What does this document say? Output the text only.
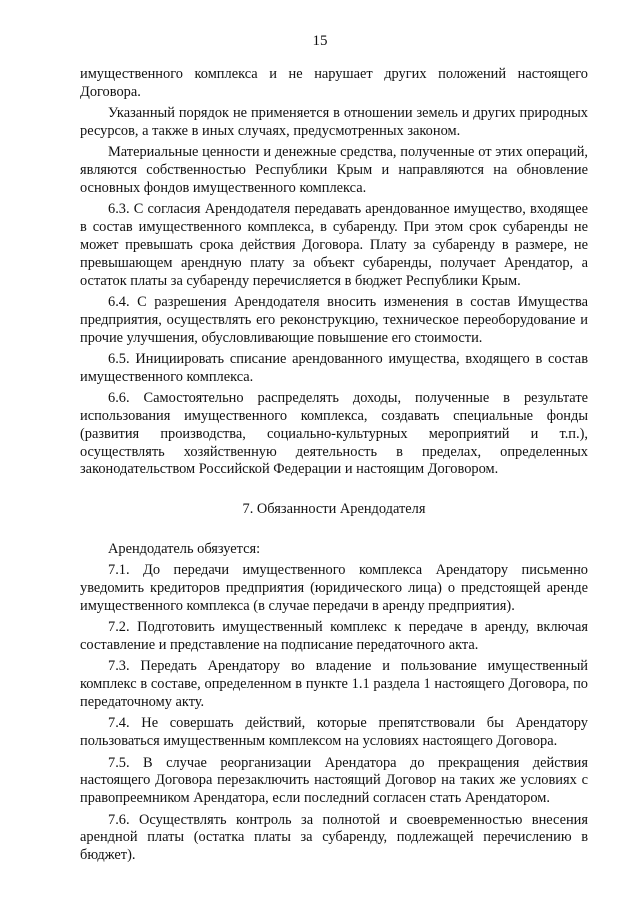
15

имущественного комплекса и не нарушает других положений настоящего Договора.

Указанный порядок не применяется в отношении земель и других природных ресурсов, а также в иных случаях, предусмотренных законом.

Материальные ценности и денежные средства, полученные от этих операций, являются собственностью Республики Крым и направляются на обновление основных фондов имущественного комплекса.

6.3. С согласия Арендодателя передавать арендованное имущество, входящее в состав имущественного комплекса, в субаренду. При этом срок субаренды не может превышать срока действия Договора. Плату за субаренду в размере, не превышающем арендную плату за объект субаренды, получает Арендатор, а остаток платы за субаренду перечисляется в бюджет Республики Крым.

6.4. С разрешения Арендодателя вносить изменения в состав Имущества предприятия, осуществлять его реконструкцию, техническое переоборудование и прочие улучшения, обусловливающие повышение его стоимости.

6.5. Инициировать списание арендованного имущества, входящего в состав имущественного комплекса.

6.6. Самостоятельно распределять доходы, полученные в результате использования имущественного комплекса, создавать специальные фонды (развития производства, социально-культурных мероприятий и т.п.), осуществлять хозяйственную деятельность в пределах, определенных законодательством Российской Федерации и настоящим Договором.

7. Обязанности Арендодателя

Арендодатель обязуется:

7.1. До передачи имущественного комплекса Арендатору письменно уведомить кредиторов предприятия (юридического лица) о предстоящей аренде имущественного комплекса (в случае передачи в аренду предприятия).

7.2. Подготовить имущественный комплекс к передаче в аренду, включая составление и представление на подписание передаточного акта.

7.3. Передать Арендатору во владение и пользование имущественный комплекс в составе, определенном в пункте 1.1 раздела 1 настоящего Договора, по передаточному акту.

7.4. Не совершать действий, которые препятствовали бы Арендатору пользоваться имущественным комплексом на условиях настоящего Договора.

7.5. В случае реорганизации Арендатора до прекращения действия настоящего Договора перезаключить настоящий Договор на таких же условиях с правопреемником Арендатора, если последний согласен стать Арендатором.

7.6. Осуществлять контроль за полнотой и своевременностью внесения арендной платы (остатка платы за субаренду, подлежащей перечислению в бюджет).
